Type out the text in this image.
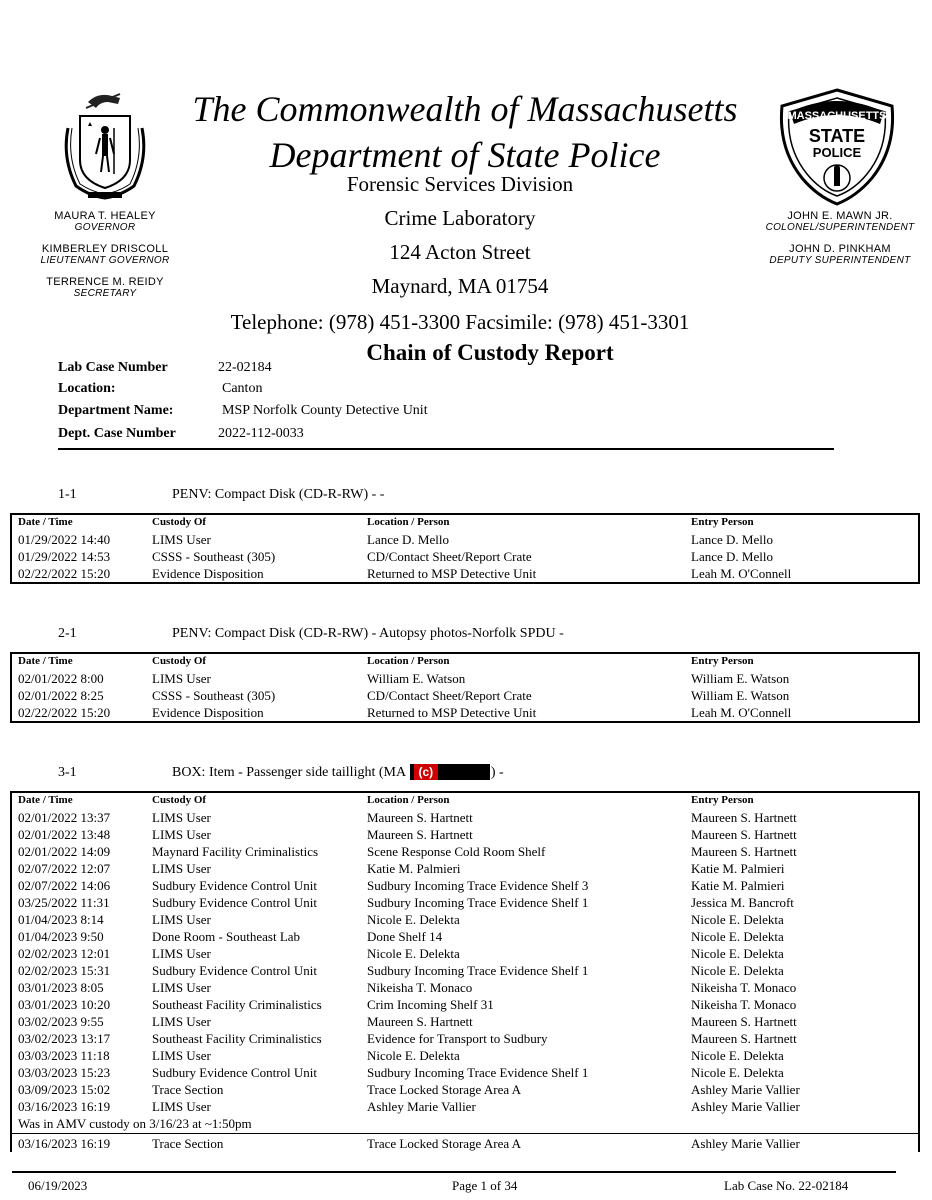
MASSACHUSETTS
STATE
POLICE
MAURA T. HEALEY
GOVERNOR
KIMBERLEY DRISCOLL
LIEUTENANT GOVERNOR
TERRENCE M. REIDY
SECRETARY
JOHN E. MAWN JR.
COLONEL/SUPERINTENDENT
JOHN D. PINKHAM
DEPUTY SUPERINTENDENT
The Commonwealth of Massachusetts
Department of State Police
Forensic Services Division
Crime Laboratory
124 Acton Street
Maynard, MA 01754
Telephone: (978) 451-3300 Facsimile: (978) 451-3301
Chain of Custody Report
Lab Case Number	22-02184
Location:	Canton
Department Name:	MSP Norfolk County Detective Unit
Dept. Case Number	2022-112-0033
1-1	PENV: Compact Disk (CD-R-RW) - -
Date / Time	Custody Of	Location / Person	Entry Person
01/29/2022 14:40	LIMS User	Lance D. Mello	Lance D. Mello
01/29/2022 14:53	CSSS - Southeast (305)	CD/Contact Sheet/Report Crate	Lance D. Mello
02/22/2022 15:20	Evidence Disposition	Returned to MSP Detective Unit	Leah M. O'Connell
2-1	PENV: Compact Disk (CD-R-RW) - Autopsy photos-Norfolk SPDU -
Date / Time	Custody Of	Location / Person	Entry Person
02/01/2022 8:00	LIMS User	William E. Watson	William E. Watson
02/01/2022 8:25	CSSS - Southeast (305)	CD/Contact Sheet/Report Crate	William E. Watson
02/22/2022 15:20	Evidence Disposition	Returned to MSP Detective Unit	Leah M. O'Connell
3-1	BOX: Item - Passenger side taillight (MA (c)	) -
Date / Time	Custody Of	Location / Person	Entry Person
02/01/2022 13:37	LIMS User	Maureen S. Hartnett	Maureen S. Hartnett
02/01/2022 13:48	LIMS User	Maureen S. Hartnett	Maureen S. Hartnett
02/01/2022 14:09	Maynard Facility Criminalistics	Scene Response Cold Room Shelf	Maureen S. Hartnett
02/07/2022 12:07	LIMS User	Katie M. Palmieri	Katie M. Palmieri
02/07/2022 14:06	Sudbury Evidence Control Unit	Sudbury Incoming Trace Evidence Shelf 3	Katie M. Palmieri
03/25/2022 11:31	Sudbury Evidence Control Unit	Sudbury Incoming Trace Evidence Shelf 1	Jessica M. Bancroft
01/04/2023 8:14	LIMS User	Nicole E. Delekta	Nicole E. Delekta
01/04/2023 9:50	Done Room - Southeast Lab	Done Shelf 14	Nicole E. Delekta
02/02/2023 12:01	LIMS User	Nicole E. Delekta	Nicole E. Delekta
02/02/2023 15:31	Sudbury Evidence Control Unit	Sudbury Incoming Trace Evidence Shelf 1	Nicole E. Delekta
03/01/2023 8:05	LIMS User	Nikeisha T. Monaco	Nikeisha T. Monaco
03/01/2023 10:20	Southeast Facility Criminalistics	Crim Incoming Shelf 31	Nikeisha T. Monaco
03/02/2023 9:55	LIMS User	Maureen S. Hartnett	Maureen S. Hartnett
03/02/2023 13:17	Southeast Facility Criminalistics	Evidence for Transport to Sudbury	Maureen S. Hartnett
03/03/2023 11:18	LIMS User	Nicole E. Delekta	Nicole E. Delekta
03/03/2023 15:23	Sudbury Evidence Control Unit	Sudbury Incoming Trace Evidence Shelf 1	Nicole E. Delekta
03/09/2023 15:02	Trace Section	Trace Locked Storage Area A	Ashley Marie Vallier
03/16/2023 16:19	LIMS User	Ashley Marie Vallier	Ashley Marie Vallier
Was in AMV custody on 3/16/23 at ~1:50pm
03/16/2023 16:19	Trace Section	Trace Locked Storage Area A	Ashley Marie Vallier
06/19/2023	Page 1 of 34	Lab Case No. 22-02184
